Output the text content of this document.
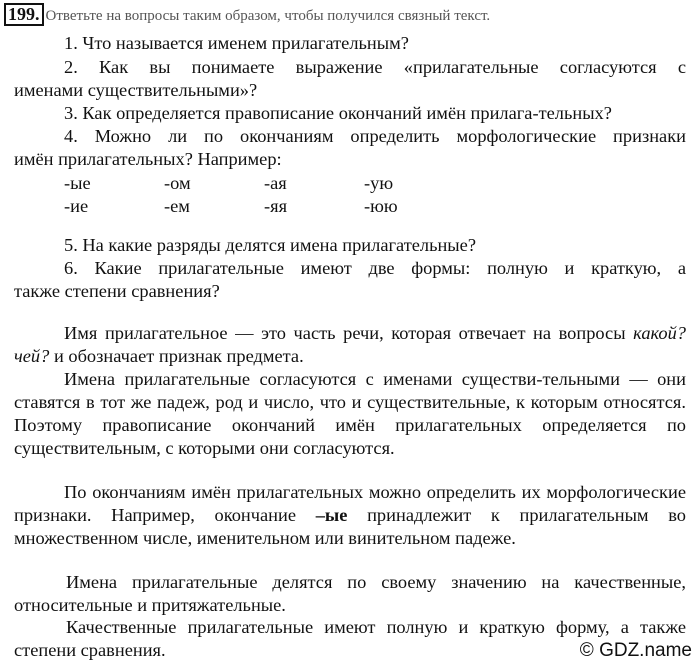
199. Ответьте на вопросы таким образом, чтобы получился связный текст.
1. Что называется именем прилагательным?
2. Как вы понимаете выражение «прилагательные согласуются с
именами существительными»?
3. Как определяется правописание окончаний имён прилага-тельных?
4. Можно ли по окончаниям определить морфологические признаки
имён прилагательных? Например:
-ые	-ом	-ая	-ую
-ие	-ем	-яя	-юю
5. На какие разряды делятся имена прилагательные?
6. Какие прилагательные имеют две формы: полную и краткую, а
также степени сравнения?
Имя прилагательное — это часть речи, которая отвечает на вопросы какой? чей? и обозначает признак предмета.
Имена прилагательные согласуются с именами существи-тельными — они ставятся в тот же падеж, род и число, что и существительные, к которым относятся. Поэтому правописание окончаний имён прилагательных определяется по существительным, с которыми они согласуются.
По окончаниям имён прилагательных можно определить их морфологические признаки. Например, окончание –ые принадлежит к прилагательным во множественном числе, именительном или винительном падеже.
Имена прилагательные делятся по своему значению на качественные, относительные и притяжательные.
Качественные прилагательные имеют полную и краткую форму, а также степени сравнения.	© GDZ.name
